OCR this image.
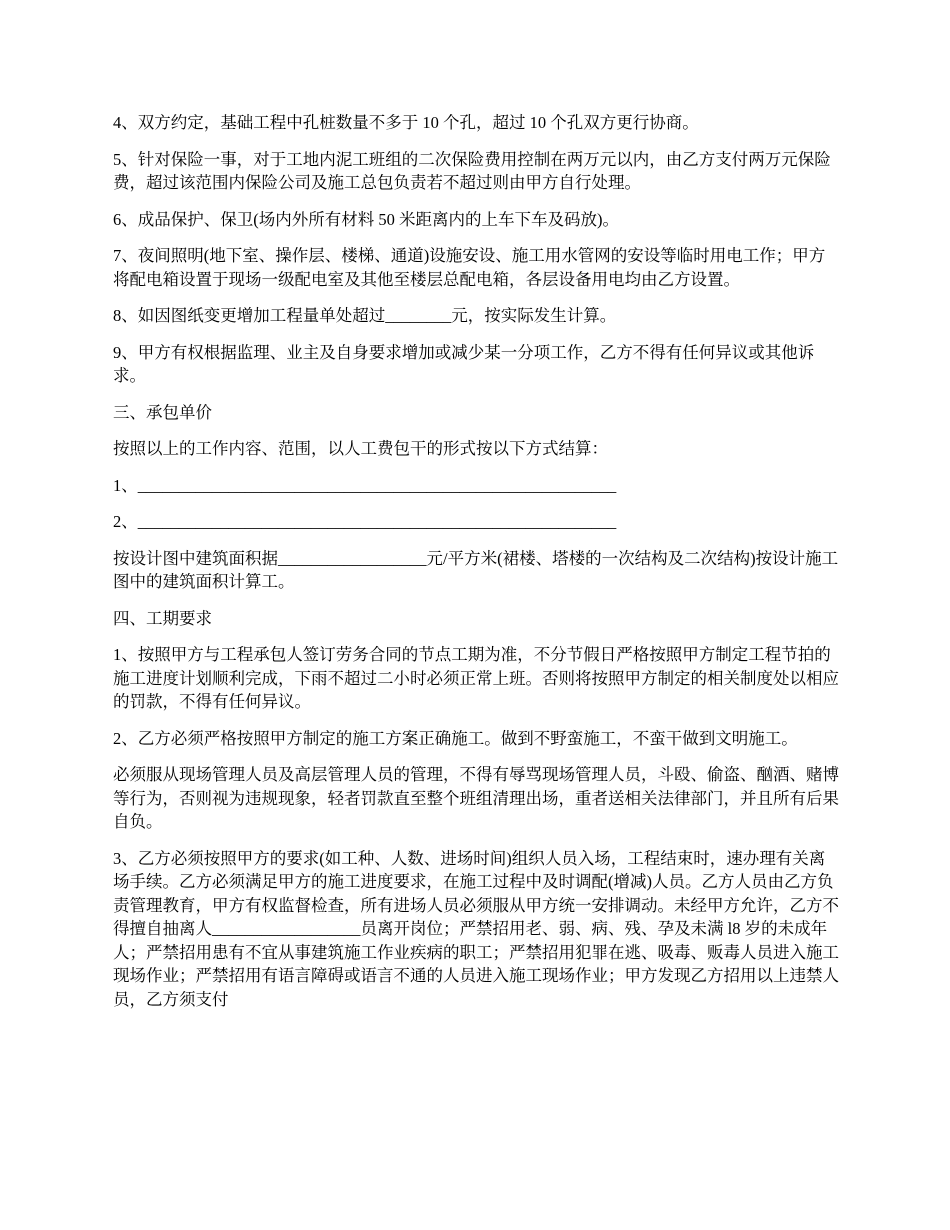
4、双方约定，基础工程中孔桩数量不多于 10 个孔，超过 10 个孔双方更行协商。

5、针对保险一事，对于工地内泥工班组的二次保险费用控制在两万元以内，由乙方支付两万元保险费，超过该范围内保险公司及施工总包负责若不超过则由甲方自行处理。

6、成品保护、保卫(场内外所有材料 50 米距离内的上车下车及码放)。

7、夜间照明(地下室、操作层、楼梯、通道)设施安设、施工用水管网的安设等临时用电工作；甲方将配电箱设置于现场一级配电室及其他至楼层总配电箱，各层设备用电均由乙方设置。

8、如因图纸变更增加工程量单处超过________元，按实际发生计算。

9、甲方有权根据监理、业主及自身要求增加或减少某一分项工作，乙方不得有任何异议或其他诉求。

三、承包单价

按照以上的工作内容、范围，以人工费包干的形式按以下方式结算：

1、__________________________________________________________

2、__________________________________________________________

按设计图中建筑面积据__________________元/平方米(裙楼、塔楼的一次结构及二次结构)按设计施工图中的建筑面积计算工。

四、工期要求

1、按照甲方与工程承包人签订劳务合同的节点工期为准，不分节假日严格按照甲方制定工程节拍的施工进度计划顺利完成，下雨不超过二小时必须正常上班。否则将按照甲方制定的相关制度处以相应的罚款，不得有任何异议。

2、乙方必须严格按照甲方制定的施工方案正确施工。做到不野蛮施工，不蛮干做到文明施工。

必须服从现场管理人员及高层管理人员的管理，不得有辱骂现场管理人员，斗殴、偷盗、酗酒、赌博等行为，否则视为违规现象，轻者罚款直至整个班组清理出场，重者送相关法律部门，并且所有后果自负。

3、乙方必须按照甲方的要求(如工种、人数、进场时间)组织人员入场，工程结束时，速办理有关离场手续。乙方必须满足甲方的施工进度要求，在施工过程中及时调配(增减)人员。乙方人员由乙方负责管理教育，甲方有权监督检查，所有进场人员必须服从甲方统一安排调动。未经甲方允许，乙方不得擅自抽离人__________________员离开岗位；严禁招用老、弱、病、残、孕及未满 l8 岁的未成年人；严禁招用患有不宜从事建筑施工作业疾病的职工；严禁招用犯罪在逃、吸毒、贩毒人员进入施工现场作业；严禁招用有语言障碍或语言不通的人员进入施工现场作业；甲方发现乙方招用以上违禁人员，乙方须支付
